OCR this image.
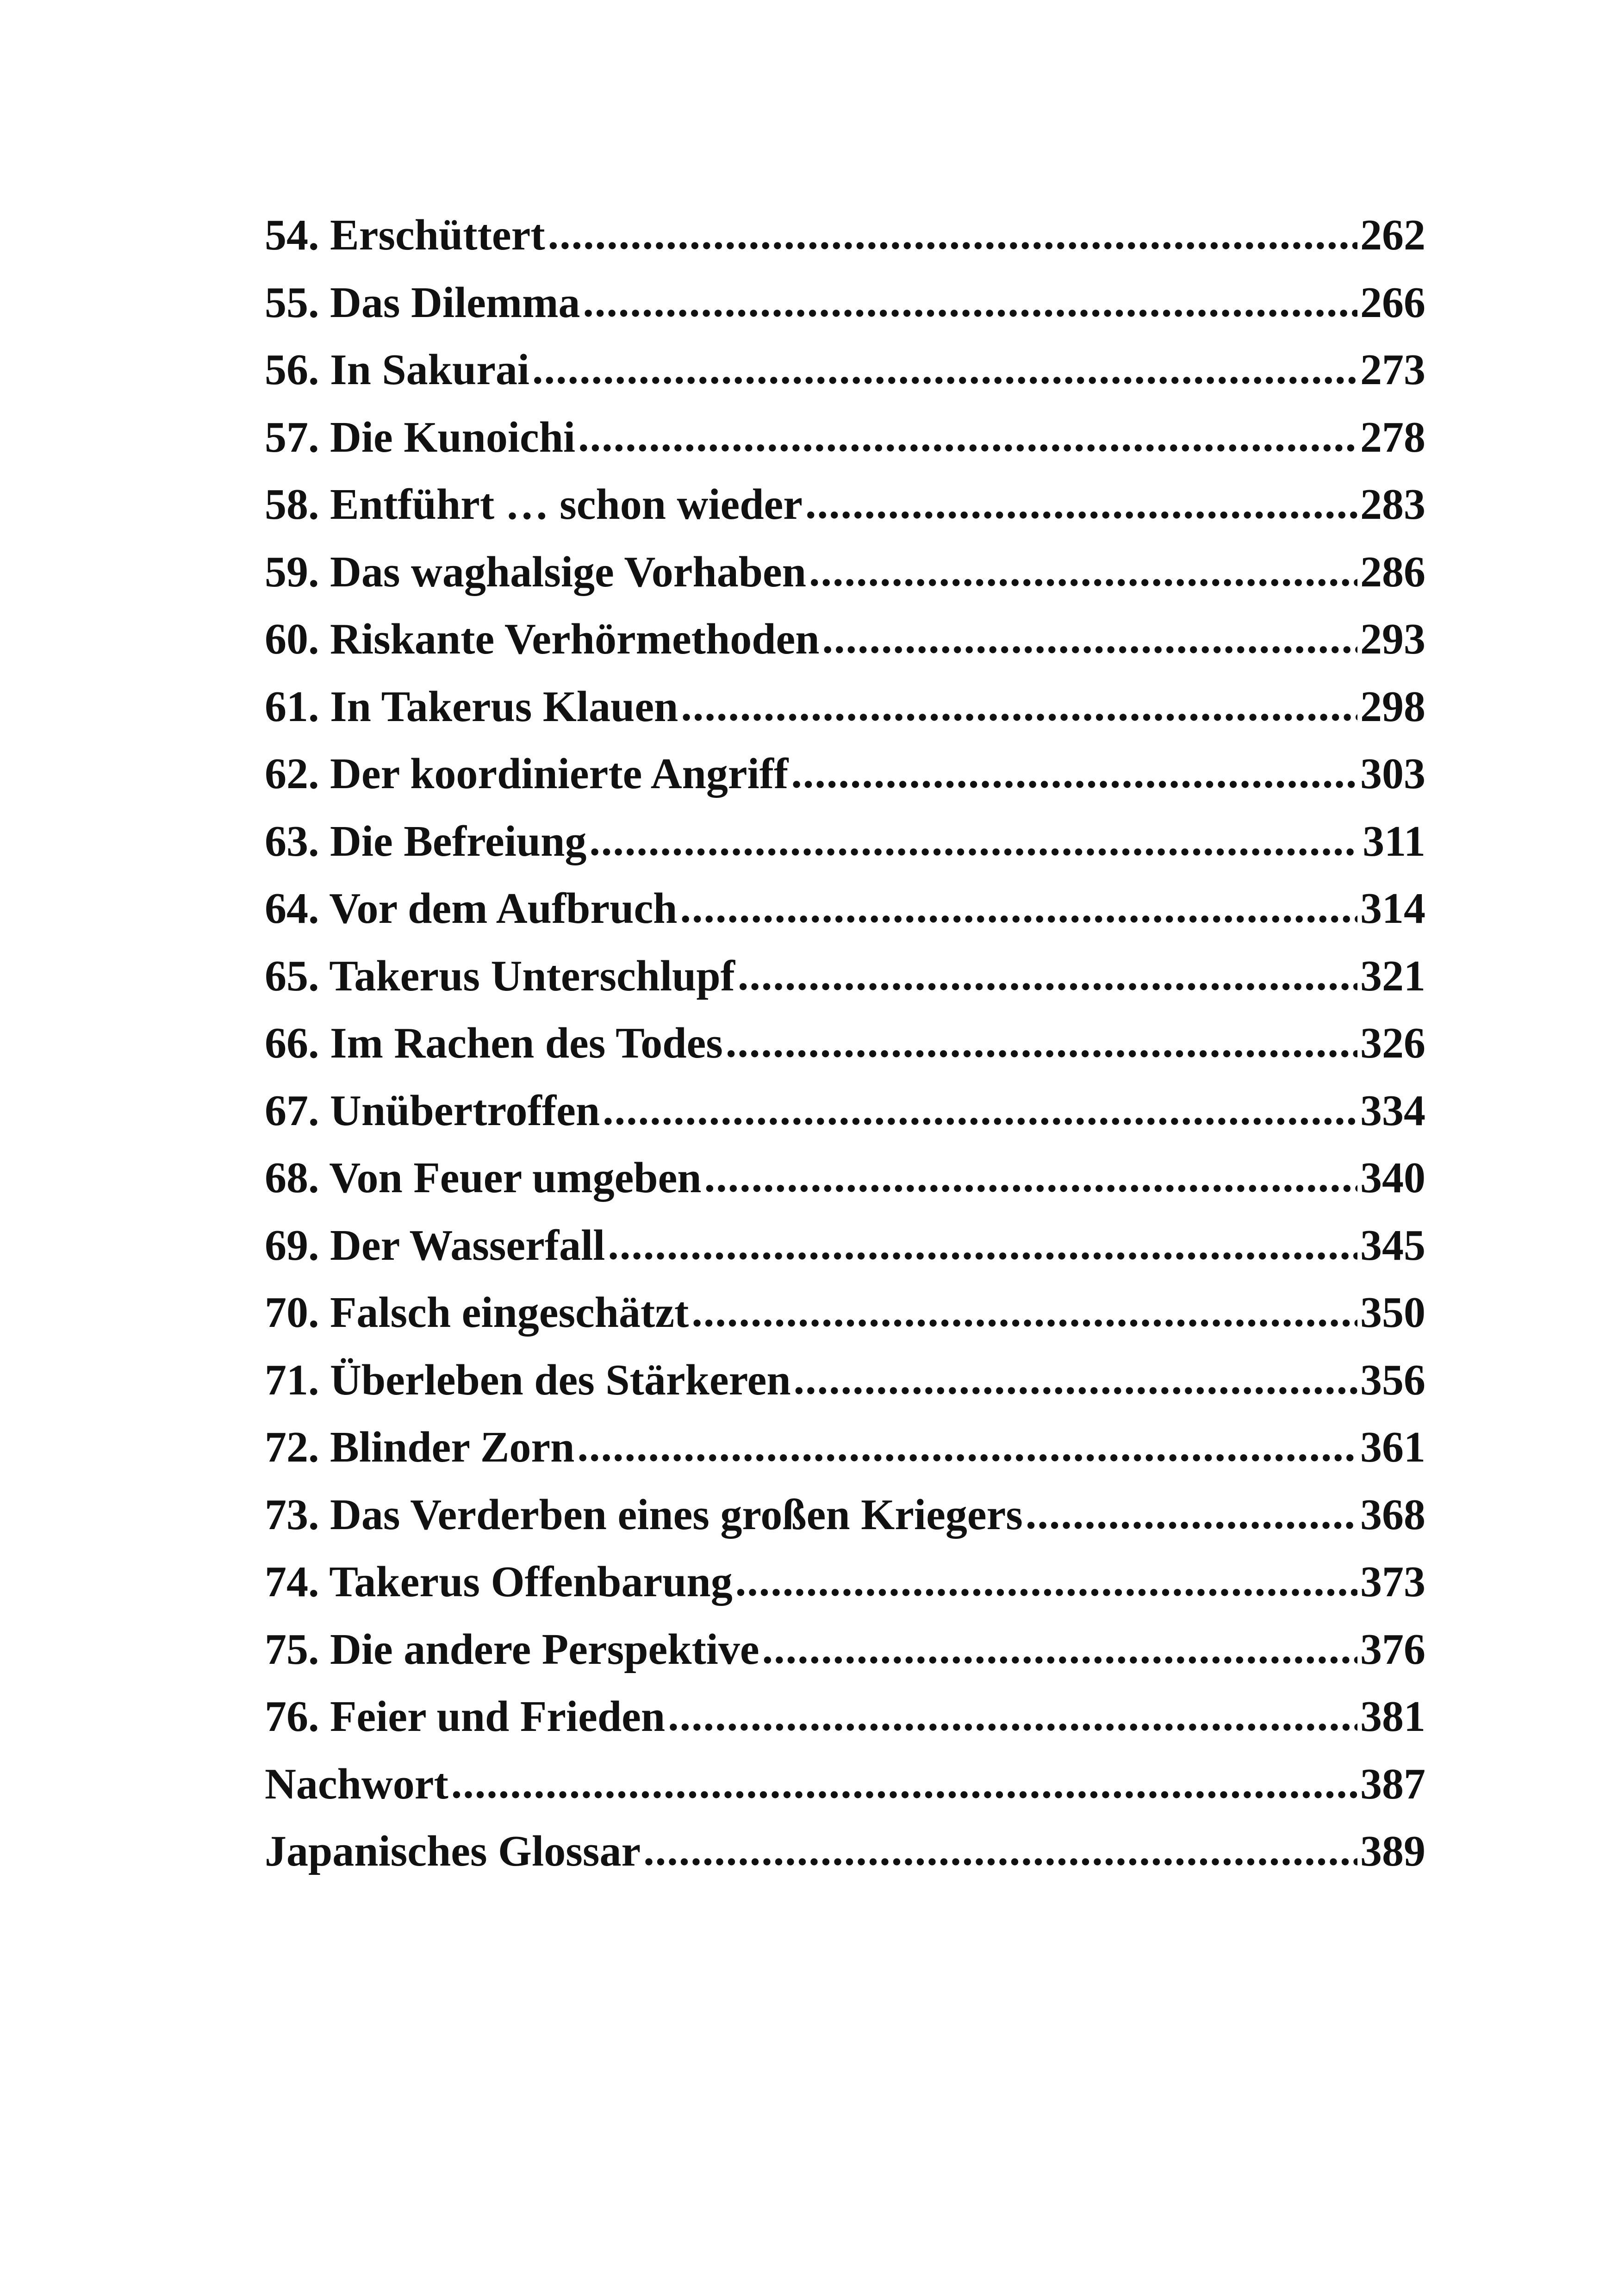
54. Erschüttert .....	262
55. Das Dilemma .....	266
56. In Sakurai .....	273
57. Die Kunoichi .....	278
58. Entführt … schon wieder .....	283
59. Das waghalsige Vorhaben .....	286
60. Riskante Verhörmethoden .....	293
61. In Takerus Klauen .....	298
62. Der koordinierte Angriff .....	303
63. Die Befreiung .....	311
64. Vor dem Aufbruch .....	314
65. Takerus Unterschlupf .....	321
66. Im Rachen des Todes .....	326
67. Unübertroffen .....	334
68. Von Feuer umgeben .....	340
69. Der Wasserfall .....	345
70. Falsch eingeschätzt .....	350
71. Überleben des Stärkeren .....	356
72. Blinder Zorn .....	361
73. Das Verderben eines großen Kriegers .....	368
74. Takerus Offenbarung .....	373
75. Die andere Perspektive .....	376
76. Feier und Frieden .....	381
Nachwort .....	387
Japanisches Glossar .....	389
